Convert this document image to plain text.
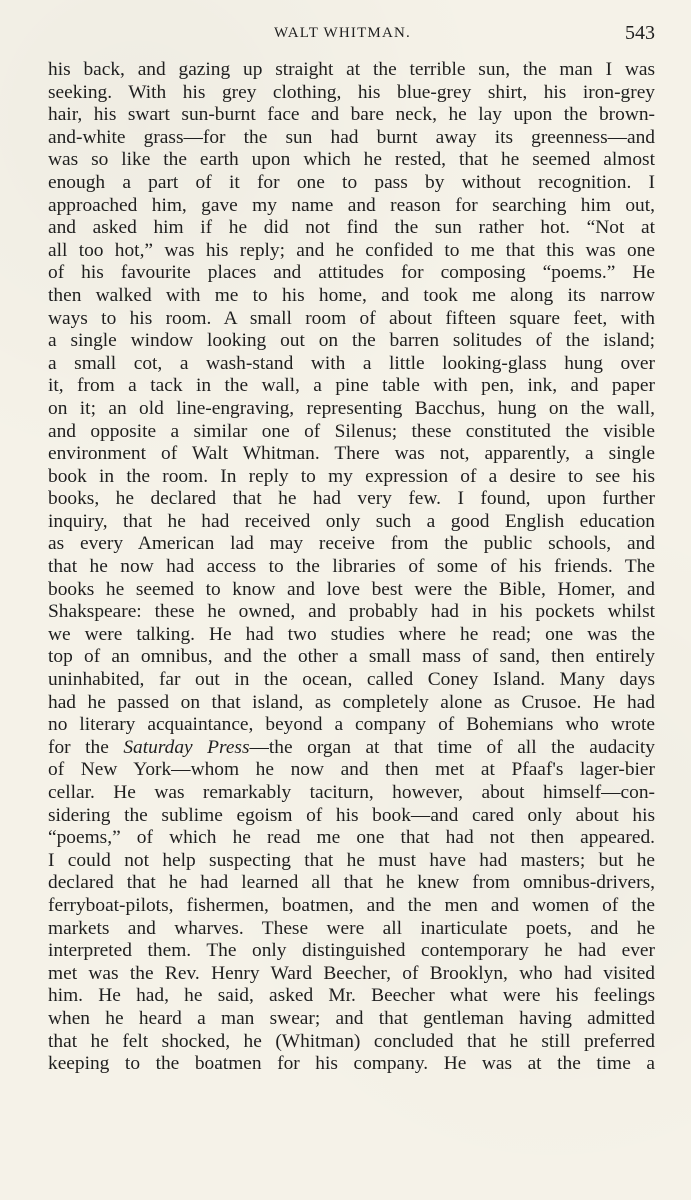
WALT WHITMAN.	543
his back, and gazing up straight at the terrible sun, the man I was
seeking. With his grey clothing, his blue-grey shirt, his iron-grey
hair, his swart sun-burnt face and bare neck, he lay upon the brown-
and-white grass—for the sun had burnt away its greenness—and
was so like the earth upon which he rested, that he seemed almost
enough a part of it for one to pass by without recognition. I
approached him, gave my name and reason for searching him out,
and asked him if he did not find the sun rather hot. “Not at
all too hot,” was his reply; and he confided to me that this was one
of his favourite places and attitudes for composing “poems.” He
then walked with me to his home, and took me along its narrow
ways to his room. A small room of about fifteen square feet, with
a single window looking out on the barren solitudes of the island;
a small cot, a wash-stand with a little looking-glass hung over
it, from a tack in the wall, a pine table with pen, ink, and paper
on it; an old line-engraving, representing Bacchus, hung on the wall,
and opposite a similar one of Silenus; these constituted the visible
environment of Walt Whitman. There was not, apparently, a single
book in the room. In reply to my expression of a desire to see his
books, he declared that he had very few. I found, upon further
inquiry, that he had received only such a good English education
as every American lad may receive from the public schools, and
that he now had access to the libraries of some of his friends. The
books he seemed to know and love best were the Bible, Homer, and
Shakspeare: these he owned, and probably had in his pockets whilst
we were talking. He had two studies where he read; one was the
top of an omnibus, and the other a small mass of sand, then entirely
uninhabited, far out in the ocean, called Coney Island. Many days
had he passed on that island, as completely alone as Crusoe. He had
no literary acquaintance, beyond a company of Bohemians who wrote
for the Saturday Press—the organ at that time of all the audacity
of New York—whom he now and then met at Pfaaf's lager-bier
cellar. He was remarkably taciturn, however, about himself—con-
sidering the sublime egoism of his book—and cared only about his
“poems,” of which he read me one that had not then appeared.
I could not help suspecting that he must have had masters; but he
declared that he had learned all that he knew from omnibus-drivers,
ferryboat-pilots, fishermen, boatmen, and the men and women of the
markets and wharves. These were all inarticulate poets, and he
interpreted them. The only distinguished contemporary he had ever
met was the Rev. Henry Ward Beecher, of Brooklyn, who had visited
him. He had, he said, asked Mr. Beecher what were his feelings
when he heard a man swear; and that gentleman having admitted
that he felt shocked, he (Whitman) concluded that he still preferred
keeping to the boatmen for his company. He was at the time a
